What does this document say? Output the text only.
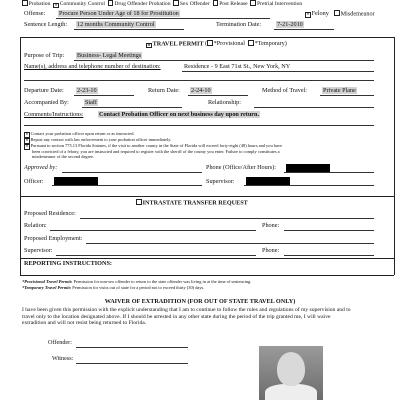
Probation ✕ Community Control Drug Offender Probation Sex Offender Post Release Pretrial Intervention
Offense: Procure Person Under Age of 18 for Prostitution	✕ Felony	Misdemeanor
Sentence Length: 12 months Community Control	Termination Date:	7-21-2010
✕ TRAVEL PERMIT ( *Provisional *Temporary)
Purpose of Trip: Business- Legal Meetings
Name(s), address and telephone number of destination:	Residence - 9 East 71st St., New York, NY
Departure Date: 2-23-10	Return Date: 2-24-10	Method of Travel:	Private Plane
Accompanied By:	Staff	Relationship:
Comments/Instructions:	Contact Probation Officer on next business day upon return.
✕ Contact your probation officer upon return or as instructed.
✕ Report any contact with law enforcement to your probation officer immediately.
✕ Pursuant to section 775.13 Florida Statutes, if the visit to another county in the State of Florida will exceed forty-eight (48) hours and you have
been convicted of a felony, you are instructed and required to register with the sheriff of the county you enter. Failure to comply constitutes a
misdemeanor of the second degree.
Approved by:	Phone (Office/After Hours):
Officer:	Supervisor:
INTRASTATE TRANSFER REQUEST
Proposed Residence:
Relation:	Phone:
Proposed Employment:
Supervisor:	Phone:
REPORTING INSTRUCTIONS:
*Provisional Travel Permit: Permission for non-sex offender to return to the state offender was living in at the time of sentencing.
*Temporary Travel Permit: Permission for visits out of state for a period not to exceed thirty (30) days.
WAIVER OF EXTRADITION (FOR OUT OF STATE TRAVEL ONLY)
I have been given this permission with the explicit understanding that I am to continue to follow the rules and regulations of my supervision and to
travel only to the location designated above. If I should be arrested in any other state during the period of the trip granted me, I will waive
extradition and will not resist being returned to Florida.
Offender:
Witness:
